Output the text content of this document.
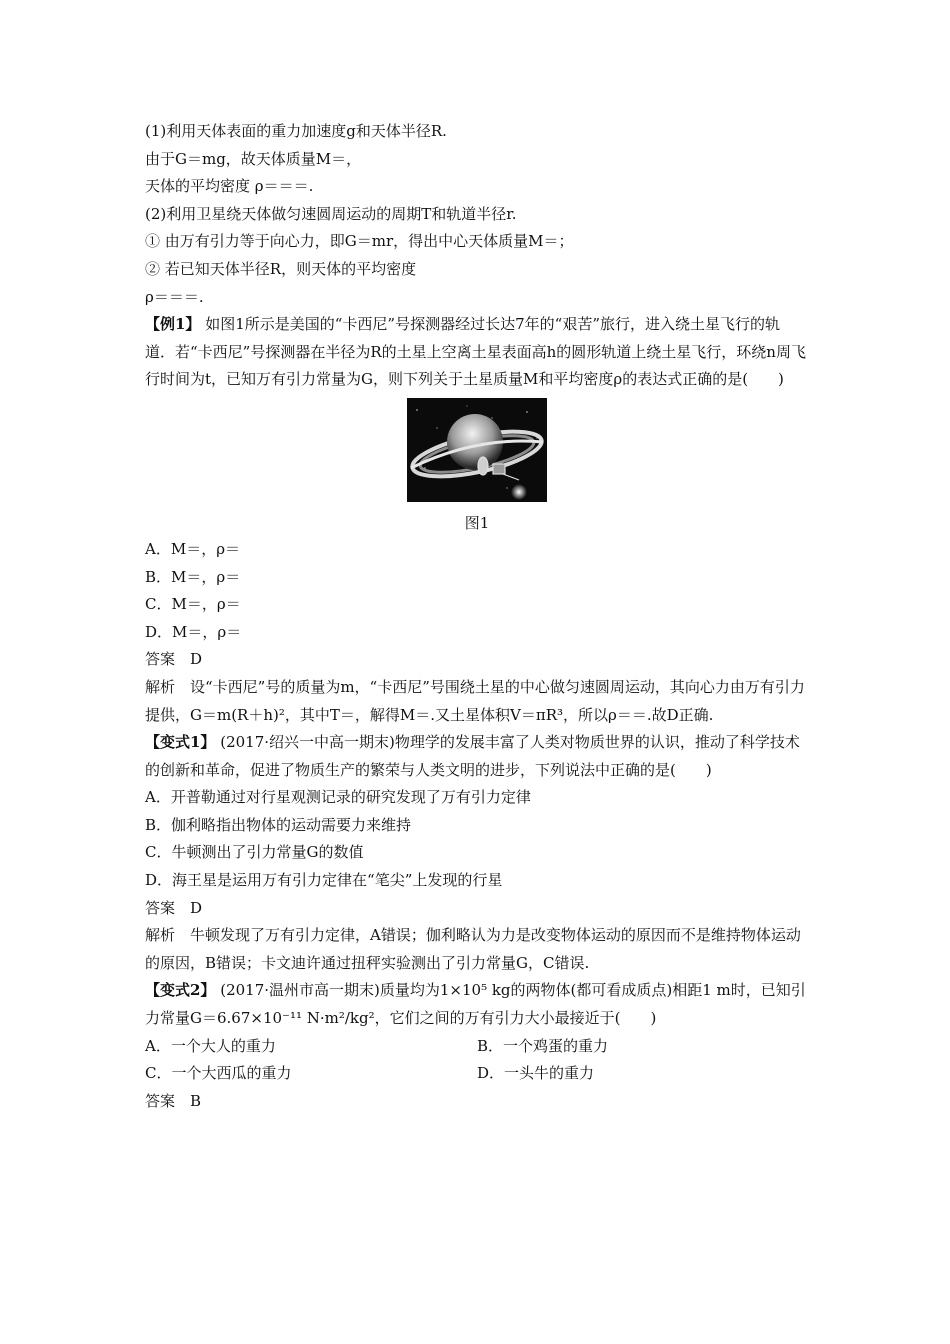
(1)利用天体表面的重力加速度g和天体半径R.
由于G＝mg，故天体质量M＝，
天体的平均密度 ρ＝＝＝.
(2)利用卫星绕天体做匀速圆周运动的周期T和轨道半径r.
① 由万有引力等于向心力，即G＝mr，得出中心天体质量M＝；
② 若已知天体半径R，则天体的平均密度
ρ＝＝＝.
【例1】 如图1所示是美国的“卡西尼”号探测器经过长达7年的“艰苦”旅行，进入绕土星飞行的轨道．若“卡西尼”号探测器在半径为R的土星上空离土星表面高h的圆形轨道上绕土星飞行，环绕n周飞行时间为t，已知万有引力常量为G，则下列关于土星质量M和平均密度ρ的表达式正确的是(　　)
图1
A．M＝，ρ＝
B．M＝，ρ＝
C．M＝，ρ＝
D．M＝，ρ＝
答案　D
解析　设“卡西尼”号的质量为m，“卡西尼”号围绕土星的中心做匀速圆周运动，其向心力由万有引力提供，G＝m(R＋h)²，其中T＝，解得M＝.又土星体积V＝πR³，所以ρ＝＝.故D正确.
【变式1】 (2017·绍兴一中高一期末)物理学的发展丰富了人类对物质世界的认识，推动了科学技术的创新和革命，促进了物质生产的繁荣与人类文明的进步，下列说法中正确的是(　　)
A．开普勒通过对行星观测记录的研究发现了万有引力定律
B．伽利略指出物体的运动需要力来维持
C．牛顿测出了引力常量G的数值
D．海王星是运用万有引力定律在“笔尖”上发现的行星
答案　D
解析　牛顿发现了万有引力定律，A错误；伽利略认为力是改变物体运动的原因而不是维持物体运动的原因，B错误；卡文迪许通过扭秤实验测出了引力常量G，C错误.
【变式2】 (2017·温州市高一期末)质量均为1×10⁵ kg的两物体(都可看成质点)相距1 m时，已知引力常量G＝6.67×10⁻¹¹ N·m²/kg²，它们之间的万有引力大小最接近于(　　)
A．一个大人的重力	B．一个鸡蛋的重力
C．一个大西瓜的重力	D．一头牛的重力
答案　B
